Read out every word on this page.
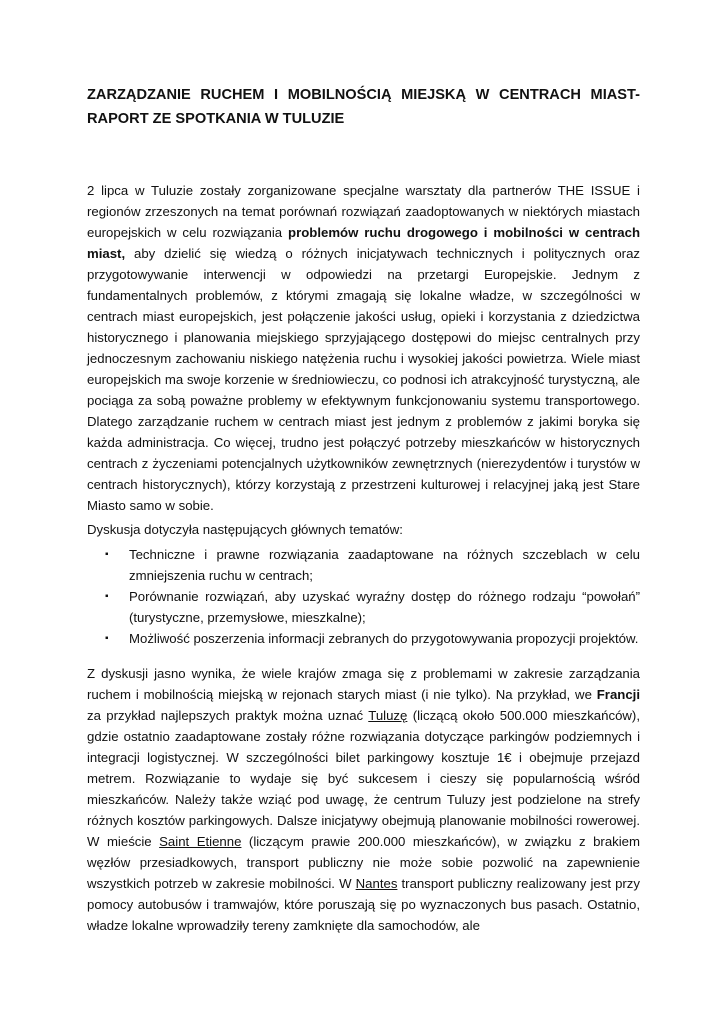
ZARZĄDZANIE RUCHEM I MOBILNOŚCIĄ MIEJSKĄ W CENTRACH MIAST-RAPORT ZE SPOTKANIA W TULUZIE

2 lipca w Tuluzie zostały zorganizowane specjalne warsztaty dla partnerów THE ISSUE i regionów zrzeszonych na temat porównań rozwiązań zaadoptowanych w niektórych miastach europejskich w celu rozwiązania problemów ruchu drogowego i mobilności w centrach miast, aby dzielić się wiedzą o różnych inicjatywach technicznych i politycznych oraz przygotowywanie interwencji w odpowiedzi na przetargi Europejskie. Jednym z fundamentalnych problemów, z którymi zmagają się lokalne władze, w szczególności w centrach miast europejskich, jest połączenie jakości usług, opieki i korzystania z dziedzictwa historycznego i planowania miejskiego sprzyjającego dostępowi do miejsc centralnych przy jednoczesnym zachowaniu niskiego natężenia ruchu i wysokiej jakości powietrza. Wiele miast europejskich ma swoje korzenie w średniowieczu, co podnosi ich atrakcyjność turystyczną, ale pociąga za sobą poważne problemy w efektywnym funkcjonowaniu systemu transportowego. Dlatego zarządzanie ruchem w centrach miast jest jednym z problemów z jakimi boryka się każda administracja. Co więcej, trudno jest połączyć potrzeby mieszkańców w historycznych centrach z życzeniami potencjalnych użytkowników zewnętrznych (nierezydentów i turystów w centrach historycznych), którzy korzystają z przestrzeni kulturowej i relacyjnej jaką jest Stare Miasto samo w sobie.

Dyskusja dotyczyła następujących głównych tematów:

▪ Techniczne i prawne rozwiązania zaadaptowane na różnych szczeblach w celu zmniejszenia ruchu w centrach;
▪ Porównanie rozwiązań, aby uzyskać wyraźny dostęp do różnego rodzaju “powołań” (turystyczne, przemysłowe, mieszkalne);
▪ Możliwość poszerzenia informacji zebranych do przygotowywania propozycji projektów.

Z dyskusji jasno wynika, że wiele krajów zmaga się z problemami w zakresie zarządzania ruchem i mobilnością miejską w rejonach starych miast (i nie tylko). Na przykład, we Francji za przykład najlepszych praktyk można uznać Tuluzę (liczącą około 500.000 mieszkańców), gdzie ostatnio zaadaptowane zostały różne rozwiązania dotyczące parkingów podziemnych i integracji logistycznej. W szczególności bilet parkingowy kosztuje 1€ i obejmuje przejazd metrem. Rozwiązanie to wydaje się być sukcesem i cieszy się popularnością wśród mieszkańców. Należy także wziąć pod uwagę, że centrum Tuluzy jest podzielone na strefy różnych kosztów parkingowych. Dalsze inicjatywy obejmują planowanie mobilności rowerowej. W mieście Saint Etienne (liczącym prawie 200.000 mieszkańców), w związku z brakiem węzłów przesiadkowych, transport publiczny nie może sobie pozwolić na zapewnienie wszystkich potrzeb w zakresie mobilności. W Nantes transport publiczny realizowany jest przy pomocy autobusów i tramwajów, które poruszają się po wyznaczonych bus pasach. Ostatnio, władze lokalne wprowadziły tereny zamknięte dla samochodów, ale
